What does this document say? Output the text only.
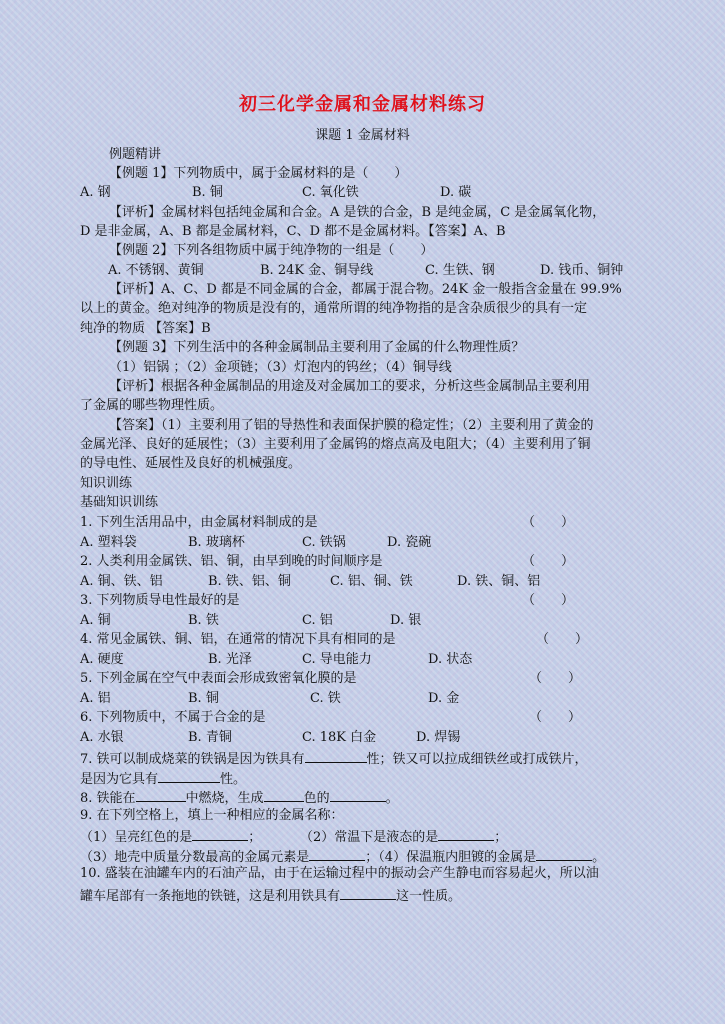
初三化学金属和金属材料练习
课题 1 金属材料
例题精讲
【例题 1】下列物质中，属于金属材料的是（　　）
A. 钢	B. 铜	C. 氧化铁	D. 碳
【评析】金属材料包括纯金属和合金。A 是铁的合金，B 是纯金属，C 是金属氧化物，
D 是非金属，A、B 都是金属材料，C、D 都不是金属材料。【答案】A、B
【例题 2】下列各组物质中属于纯净物的一组是（　　）
A. 不锈钢、黄铜	B. 24K 金、铜导线	C. 生铁、钢	D. 钱币、铜钟
【评析】A、C、D 都是不同金属的合金，都属于混合物。24K 金一般指含金量在 99.9%
以上的黄金。绝对纯净的物质是没有的，通常所谓的纯净物指的是含杂质很少的具有一定
纯净的物质 【答案】B
【例题 3】下列生活中的各种金属制品主要利用了金属的什么物理性质？
（1）铝锅 ；（2）金项链；（3）灯泡内的钨丝；（4）铜导线
【评析】根据各种金属制品的用途及对金属加工的要求，分析这些金属制品主要利用
了金属的哪些物理性质。
【答案】（1）主要利用了铝的导热性和表面保护膜的稳定性；（2）主要利用了黄金的
金属光泽、良好的延展性；（3）主要利用了金属钨的熔点高及电阻大；（4）主要利用了铜
的导电性、延展性及良好的机械强度。
知识训练
基础知识训练
1. 下列生活用品中，由金属材料制成的是	（　　）
A. 塑料袋	B. 玻璃杯	C. 铁锅	D. 瓷碗
2. 人类利用金属铁、铝、铜，由早到晚的时间顺序是	（　　）
A. 铜、铁、铝	B. 铁、铝、铜	C. 铝、铜、铁	D. 铁、铜、铝
3. 下列物质导电性最好的是	（　　）
A. 铜	B. 铁	C. 铝	D. 银
4. 常见金属铁、铜、铝，在通常的情况下具有相同的是	（　　）
A. 硬度	B. 光泽	C. 导电能力	D. 状态
5. 下列金属在空气中表面会形成致密氧化膜的是	（　　）
A. 铝	B. 铜	C. 铁	D. 金
6. 下列物质中，不属于合金的是	（　　）
A. 水银	B. 青铜	C. 18K 白金	D. 焊锡
7. 铁可以制成烧菜的铁锅是因为铁具有	性；铁又可以拉成细铁丝或打成铁片，
是因为它具有	性。
8. 铁能在	中燃烧，生成	色的	。
9. 在下列空格上，填上一种相应的金属名称：
（1）呈亮红色的是	；	（2）常温下是液态的是	；
（3）地壳中质量分数最高的金属元素是	；（4）保温瓶内胆镀的金属是	。
10. 盛装在油罐车内的石油产品，由于在运输过程中的振动会产生静电而容易起火，所以油
罐车尾部有一条拖地的铁链，这是利用铁具有	这一性质。
